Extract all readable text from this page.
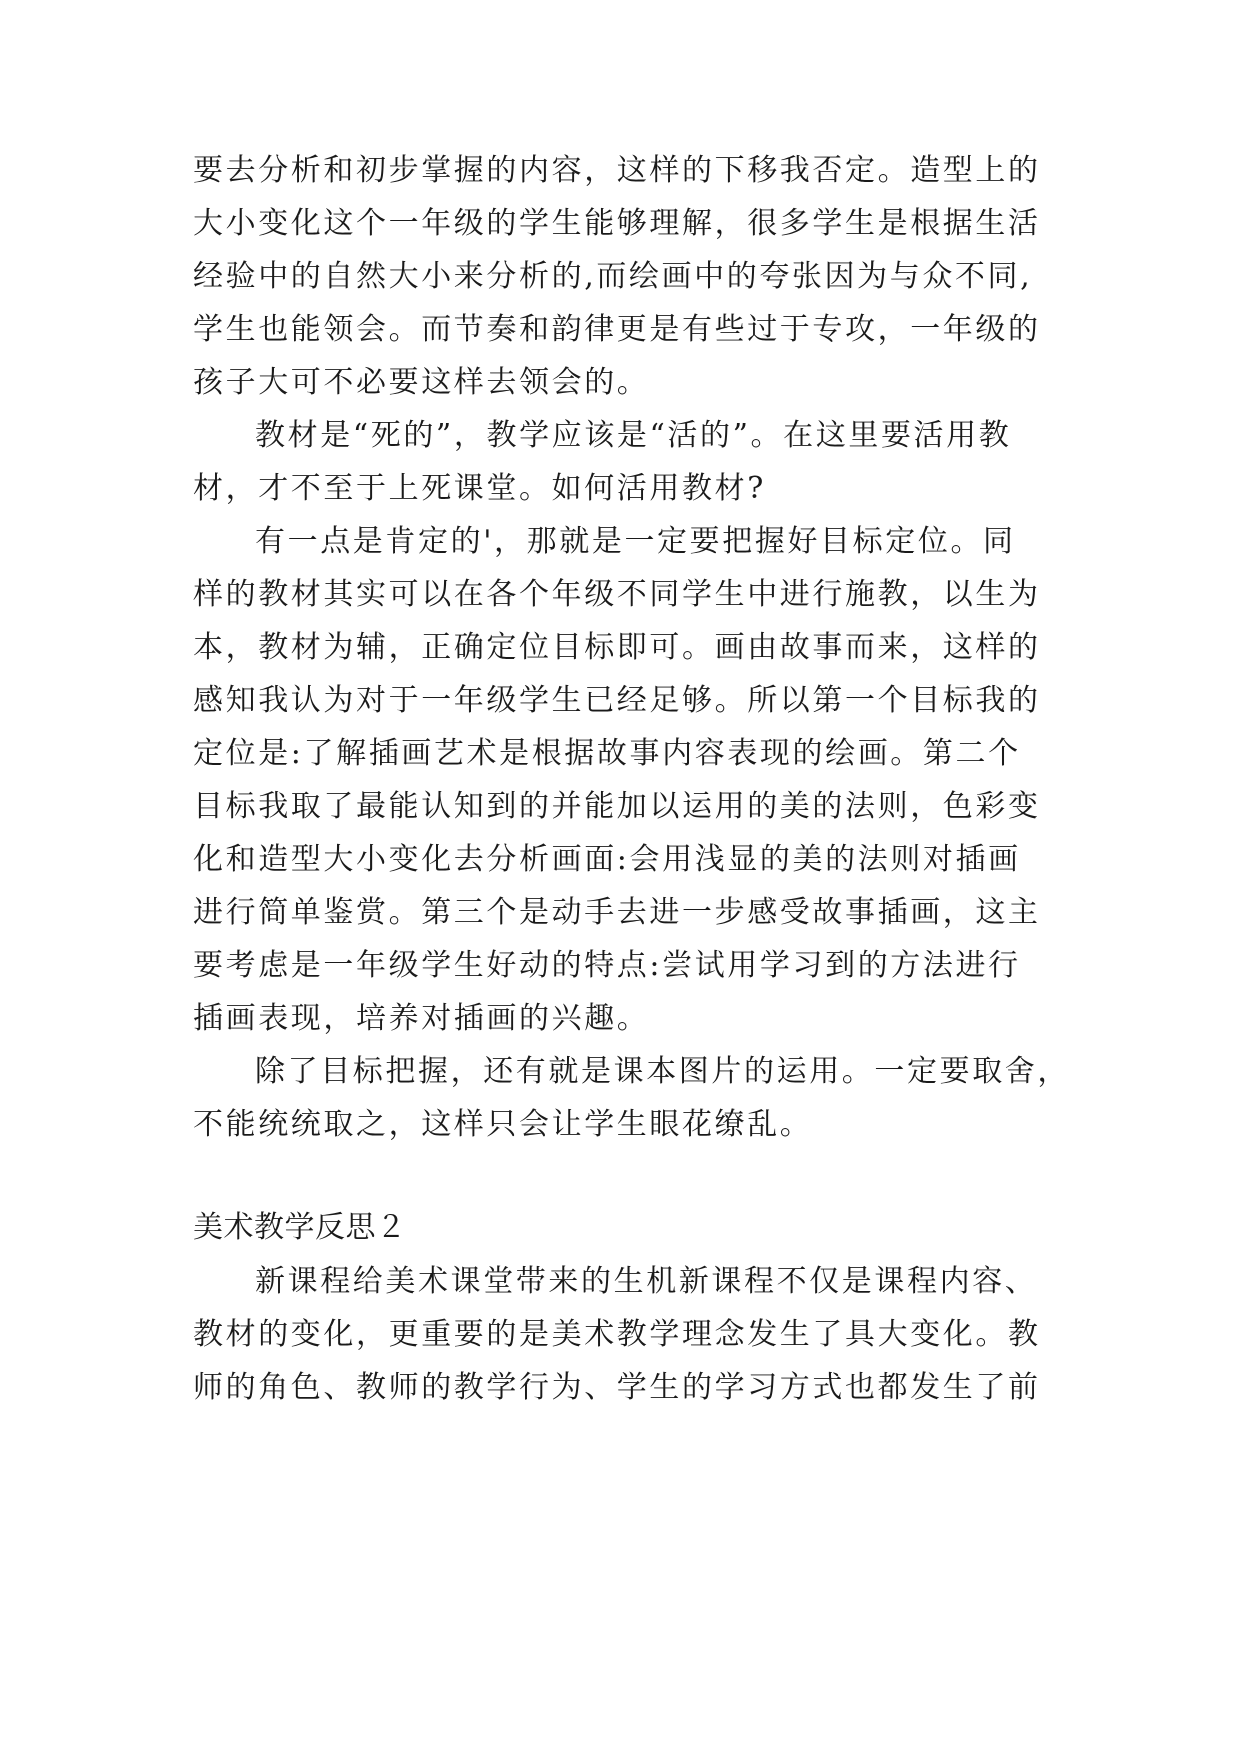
要去分析和初步掌握的内容，这样的下移我否定。造型上的
大小变化这个一年级的学生能够理解，很多学生是根据生活
经验中的自然大小来分析的,而绘画中的夸张因为与众不同,
学生也能领会。而节奏和韵律更是有些过于专攻，一年级的
孩子大可不必要这样去领会的。
教材是“死的”，教学应该是“活的”。在这里要活用教
材，才不至于上死课堂。如何活用教材?
有一点是肯定的'，那就是一定要把握好目标定位。同
样的教材其实可以在各个年级不同学生中进行施教，以生为
本，教材为辅，正确定位目标即可。画由故事而来，这样的
感知我认为对于一年级学生已经足够。所以第一个目标我的
定位是:了解插画艺术是根据故事内容表现的绘画。第二个
目标我取了最能认知到的并能加以运用的美的法则，色彩变
化和造型大小变化去分析画面:会用浅显的美的法则对插画
进行简单鉴赏。第三个是动手去进一步感受故事插画，这主
要考虑是一年级学生好动的特点:尝试用学习到的方法进行
插画表现，培养对插画的兴趣。
除了目标把握，还有就是课本图片的运用。一定要取舍，
不能统统取之，这样只会让学生眼花缭乱。
美术教学反思２
新课程给美术课堂带来的生机新课程不仅是课程内容、
教材的变化，更重要的是美术教学理念发生了具大变化。教
师的角色、教师的教学行为、学生的学习方式也都发生了前
